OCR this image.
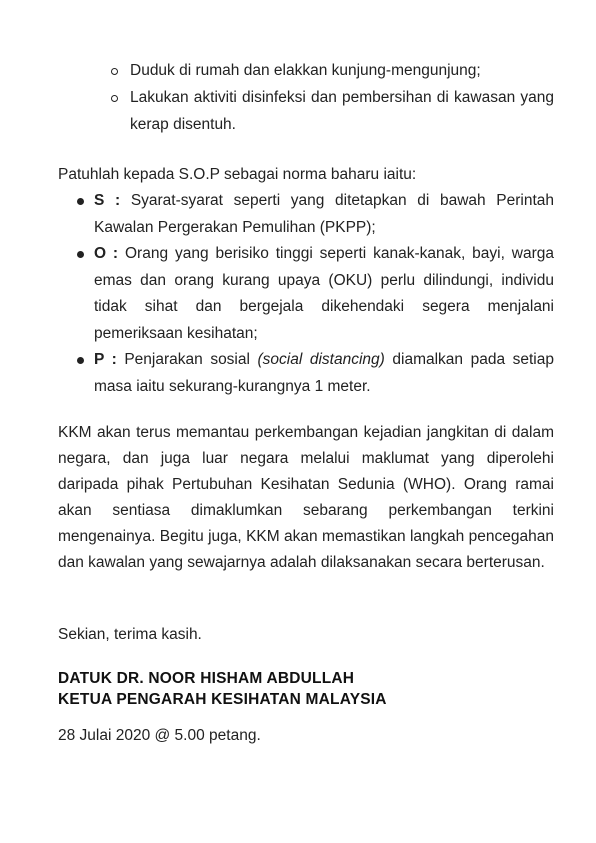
Duduk di rumah dan elakkan kunjung-mengunjung;
Lakukan aktiviti disinfeksi dan pembersihan di kawasan yang kerap disentuh.

Patuhlah kepada S.O.P sebagai norma baharu iaitu:

S : Syarat-syarat seperti yang ditetapkan di bawah Perintah Kawalan Pergerakan Pemulihan (PKPP);
O : Orang yang berisiko tinggi seperti kanak-kanak, bayi, warga emas dan orang kurang upaya (OKU) perlu dilindungi, individu tidak sihat dan bergejala dikehendaki segera menjalani pemeriksaan kesihatan;
P : Penjarakan sosial (social distancing) diamalkan pada setiap masa iaitu sekurang-kurangnya 1 meter.

KKM akan terus memantau perkembangan kejadian jangkitan di dalam negara, dan juga luar negara melalui maklumat yang diperolehi daripada pihak Pertubuhan Kesihatan Sedunia (WHO). Orang ramai akan sentiasa dimaklumkan sebarang perkembangan terkini mengenainya. Begitu juga, KKM akan memastikan langkah pencegahan dan kawalan yang sewajarnya adalah dilaksanakan secara berterusan.

Sekian, terima kasih.

DATUK DR. NOOR HISHAM ABDULLAH
KETUA PENGARAH KESIHATAN MALAYSIA

28 Julai 2020 @ 5.00 petang.
